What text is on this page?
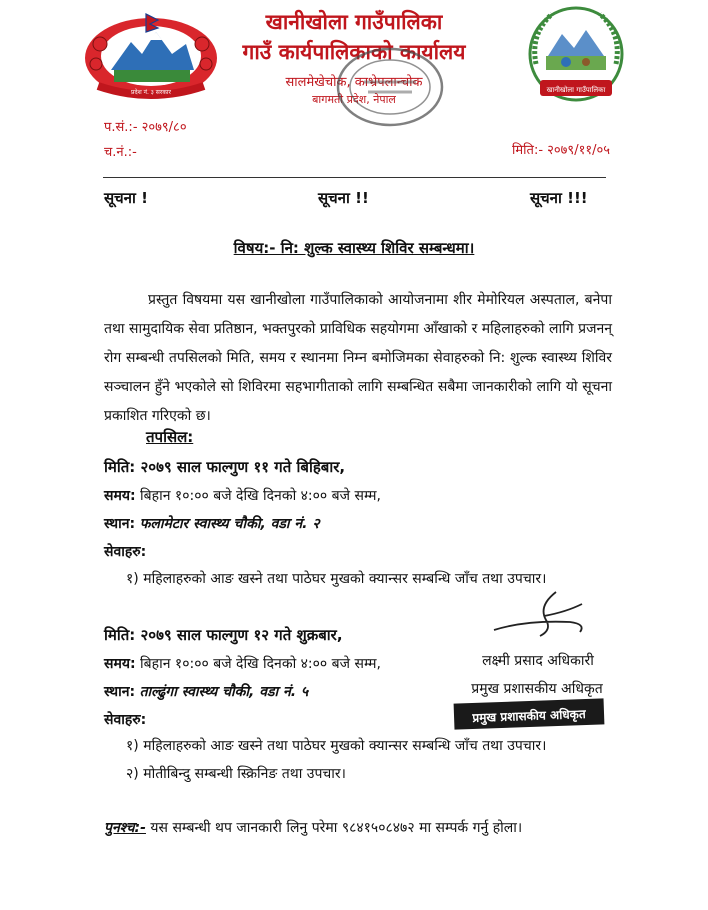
प्रदेश नं. ३ सरकार	खानीखोला गाउँपालिका
खानीखोला गाउँपालिका
गाउँ कार्यपालिकाको कार्यालय
सालमेखेचोक, काभ्रेपलान्चोक
बागमती प्रदेश, नेपाल
प.सं.:- २०७९/८०
च.नं.:-	मिति:- २०७९/११/०५
सूचना !	सूचना !!	सूचना !!!
विषय:- नि: शुल्क स्वास्थ्य शिविर सम्बन्धमा।
प्रस्तुत विषयमा यस खानीखोला गाउँपालिकाको आयोजनामा शीर मेमोरियल अस्पताल, बनेपा तथा सामुदायिक सेवा प्रतिष्ठान, भक्तपुरको प्राविधिक सहयोगमा आँखाको र महिलाहरुको लागि प्रजनन् रोग सम्बन्धी तपसिलको मिति, समय र स्थानमा निम्न बमोजिमका सेवाहरुको नि: शुल्क स्वास्थ्य शिविर सञ्चालन हुँने भएकोले सो शिविरमा सहभागीताको लागि सम्बन्धित सबैमा जानकारीको लागि यो सूचना प्रकाशित गरिएको छ।
तपसिल:
मिति: २०७९ साल फाल्गुण ११ गते बिहिबार,
समय: बिहान १०:०० बजे देखि दिनको ४:०० बजे सम्म,
स्थान: फलामेटार स्वास्थ्य चौकी, वडा नं. २
सेवाहरु:
१) महिलाहरुको आङ खस्ने तथा पाठेघर मुखको क्यान्सर सम्बन्धि जाँच तथा उपचार।
मिति: २०७९ साल फाल्गुण १२ गते शुक्रबार,
समय: बिहान १०:०० बजे देखि दिनको ४:०० बजे सम्म,
स्थान: ताल्ढुंगा स्वास्थ्य चौकी, वडा नं. ५
सेवाहरु:
१) महिलाहरुको आङ खस्ने तथा पाठेघर मुखको क्यान्सर सम्बन्धि जाँच तथा उपचार।
२) मोतीबिन्दु सम्बन्धी स्क्रिनिङ तथा उपचार।
लक्ष्मी प्रसाद अधिकारी
प्रमुख प्रशासकीय अधिकृत
प्रमुख प्रशासकीय अधिकृत
पुनश्च:- यस सम्बन्धी थप जानकारी लिनु परेमा ९८४१५०८४७२ मा सम्पर्क गर्नु होला।
